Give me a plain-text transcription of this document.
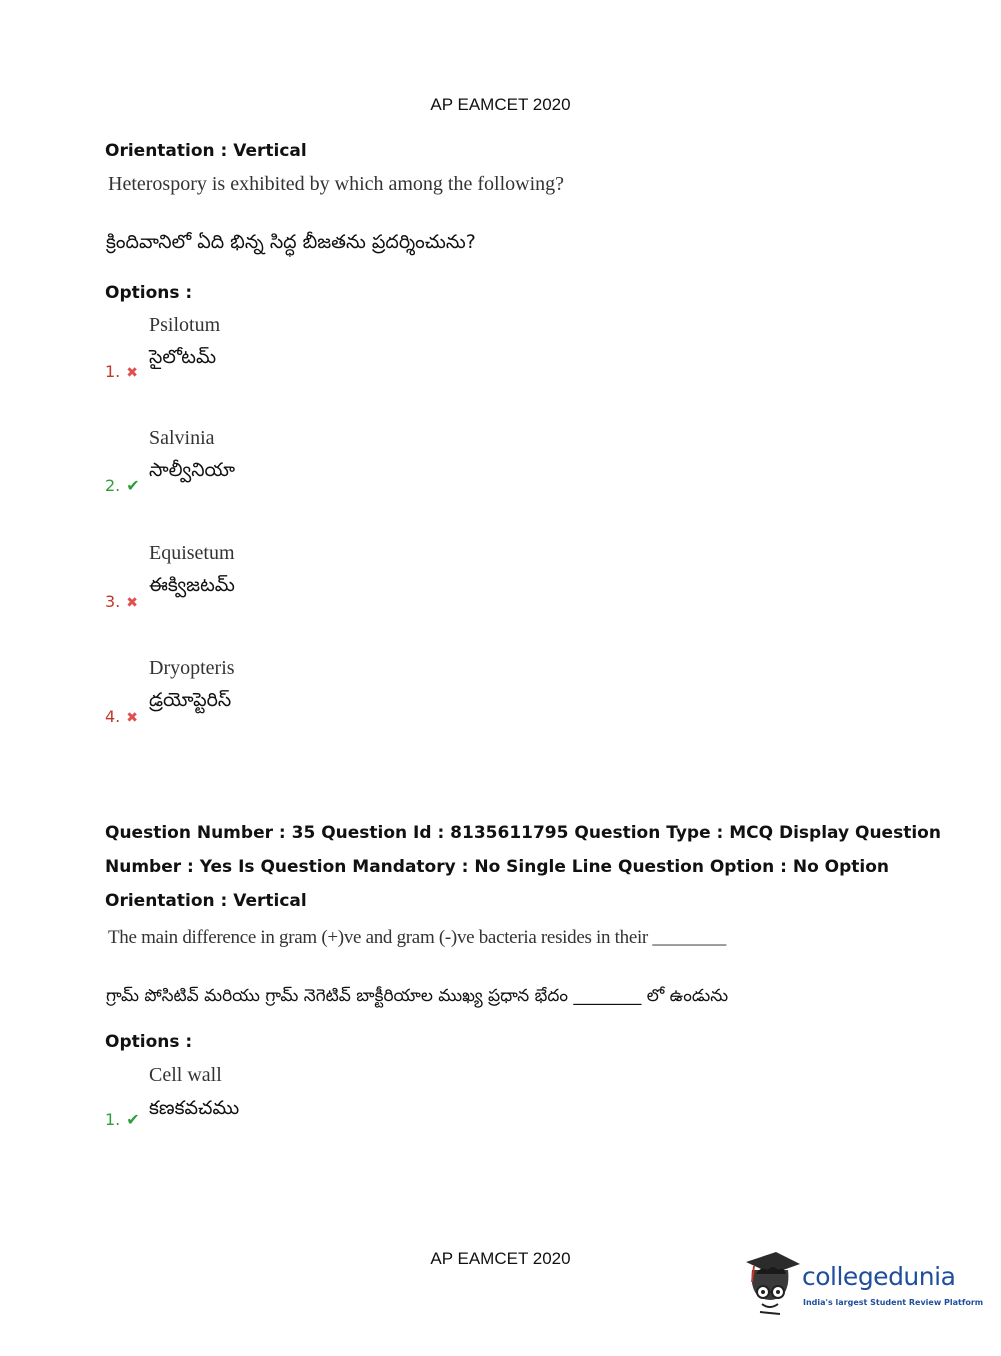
AP EAMCET 2020
Orientation : Vertical
Heterospory is exhibited by which among the following?
క్రిందివానిలో ఏది భిన్న సిద్ధ బీజతను ప్రదర్శించును?
Options :
Psilotum
సైలోటమ్
1. ✖
Salvinia
సాల్వీనియా
2. ✔
Equisetum
ఈక్విజటమ్
3. ✖
Dryopteris
డ్రయోప్టెరిస్
4. ✖
Question Number : 35 Question Id : 8135611795 Question Type : MCQ Display Question
Number : Yes Is Question Mandatory : No Single Line Question Option : No Option
Orientation : Vertical
The main difference in gram (+)ve and gram (-)ve bacteria resides in their ________
గ్రామ్ పోసిటివ్ మరియు గ్రామ్ నెగెటివ్ బాక్టీరియాల ముఖ్య ప్రధాన భేదం ________ లో ఉండును
Options :
Cell wall
కణకవచము
1. ✔
AP EAMCET 2020
collegedunia
India's largest Student Review Platform
